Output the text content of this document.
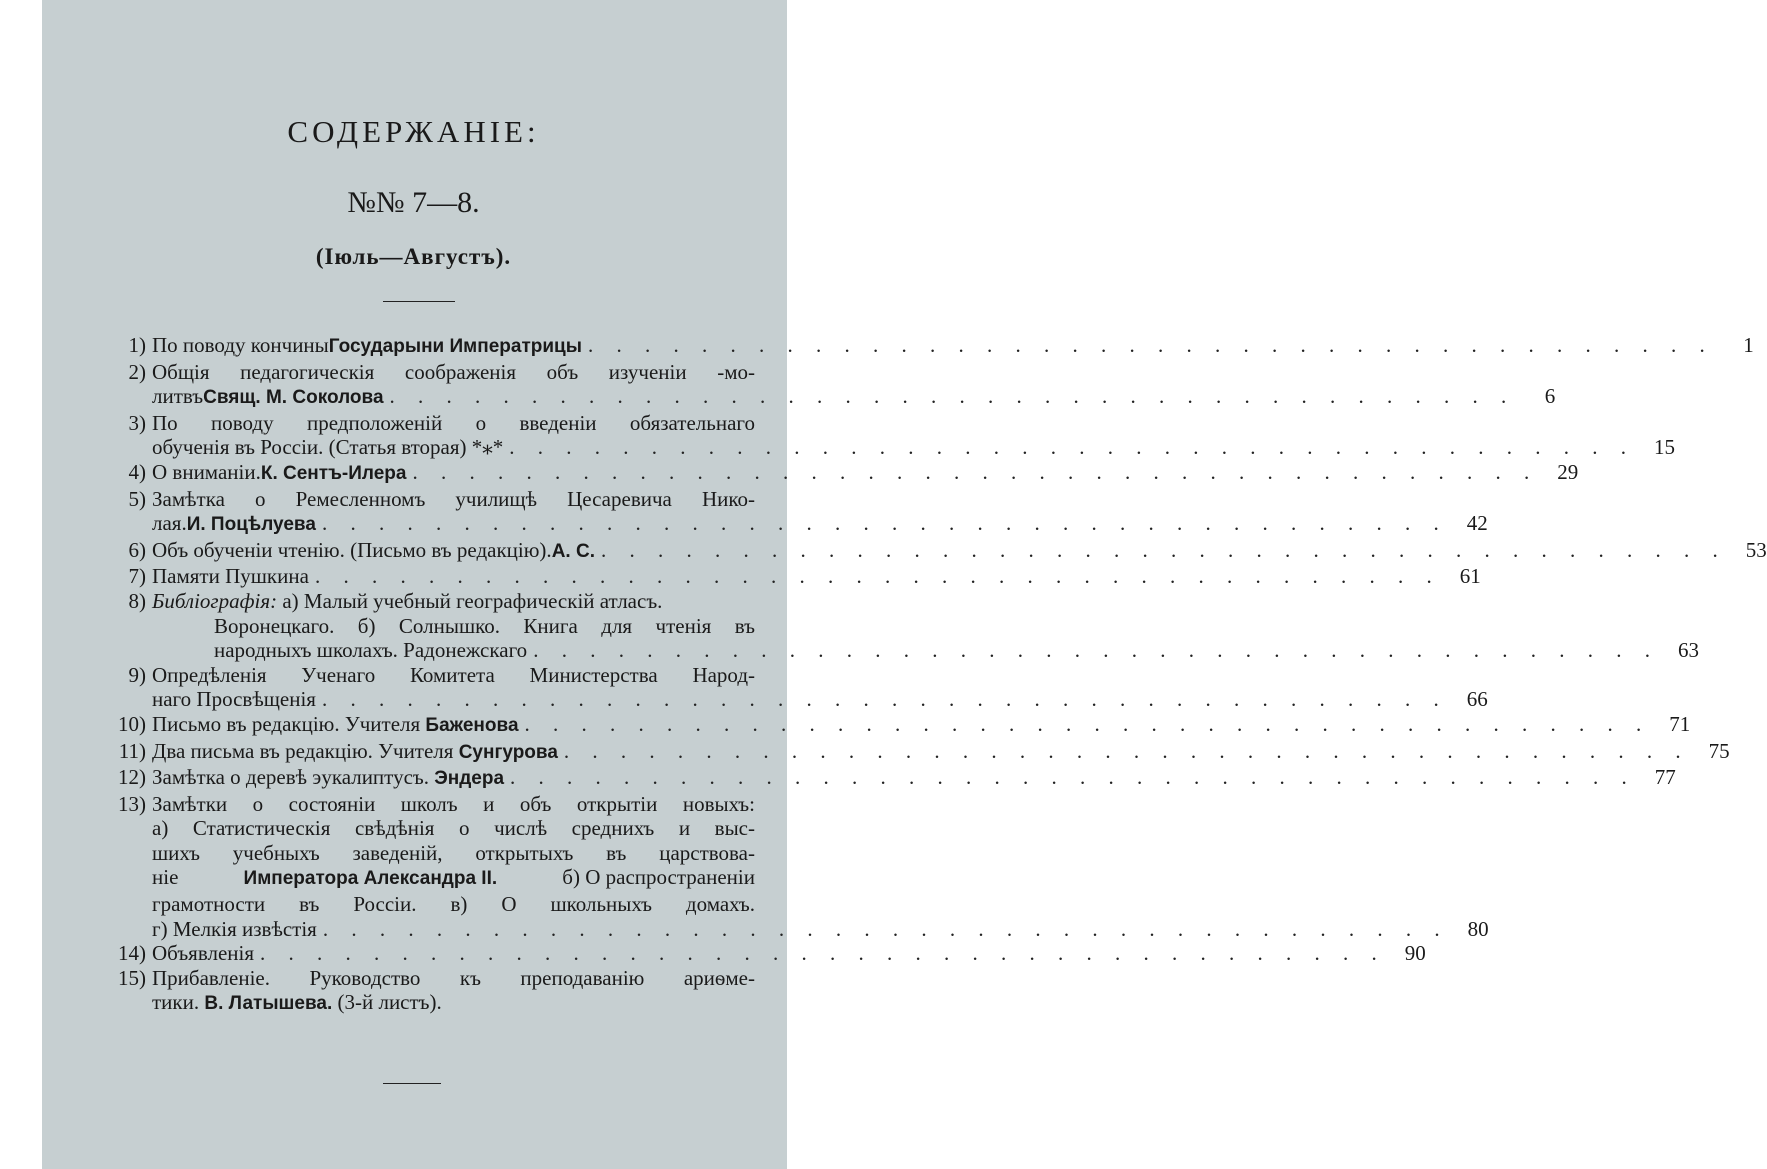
СОДЕРЖАНІЕ:
№№ 7—8.
(Іюль—Августъ).
1) По поводу кончины Государыни Императрицы . . . . . . . . . . . . . . . . . . . . . . . . . . . . . . . . . . . . . . . .	1
2) Общія педагогическія соображенія объ изученіи -мо-
литвъ Свящ. М. Соколова . . . . . . . . . . . . . . . . . . . . . . . . . . . . . . . . . . . . . . . .	6
3) По поводу предположеній о введеніи обязательнаго
обученія въ Россіи. (Статья вторая) *⁎* . . . . . . . . . . . . . . . . . . . . . . . . . . . . . . . . . . . . . . . . 15
4) О вниманіи. К. Сентъ-Илера . . . . . . . . . . . . . . . . . . . . . . . . . . . . . . . . . . . . . . . . 29
5) Замѣтка о Ремесленномъ училищѣ Цесаревича Нико-
лая. И. Поцѣлуева . . . . . . . . . . . . . . . . . . . . . . . . . . . . . . . . . . . . . . . . 42
6) Объ обученіи чтенію. (Письмо въ редакцію). А. С. . . . . . . . . . . . . . . . . . . . . . . . . . . . . . . . . . . . . . . . . 53
7) Памяти Пушкина . . . . . . . . . . . . . . . . . . . . . . . . . . . . . . . . . . . . . . . . 61
8) Библіографія: а) Малый учебный географическій атласъ.
Воронецкаго. б) Солнышко. Книга для чтенія въ
народныхъ школахъ. Радонежскаго . . . . . . . . . . . . . . . . . . . . . . . . . . . . . . . . . . . . . . . . 63
9) Опредѣленія Ученаго Комитета Министерства Народ-
наго Просвѣщенія . . . . . . . . . . . . . . . . . . . . . . . . . . . . . . . . . . . . . . . . 66
10) Письмо въ редакцію. Учителя Баженова . . . . . . . . . . . . . . . . . . . . . . . . . . . . . . . . . . . . . . . . 71
11) Два письма въ редакцію. Учителя Сунгурова . . . . . . . . . . . . . . . . . . . . . . . . . . . . . . . . . . . . . . . . 75
12) Замѣтка о деревѣ эукалиптусъ. Эндера . . . . . . . . . . . . . . . . . . . . . . . . . . . . . . . . . . . . . . . . 77
13) Замѣтки о состояніи школъ и объ открытіи новыхъ:
а) Статистическія свѣдѣнія о числѣ среднихъ и выс-
шихъ учебныхъ заведеній, открытыхъ въ царствова-
ніе	Императора Александра II.	б) О распространеніи
грамотности въ Россіи. в) О школьныхъ домахъ.
г) Мелкія извѣстія . . . . . . . . . . . . . . . . . . . . . . . . . . . . . . . . . . . . . . . . 80
14) Объявленія . . . . . . . . . . . . . . . . . . . . . . . . . . . . . . . . . . . . . . . . 90
15) Прибавленіе. Руководство къ преподаванію ариѳме-
тики. В. Латышева. (3-й листъ).
